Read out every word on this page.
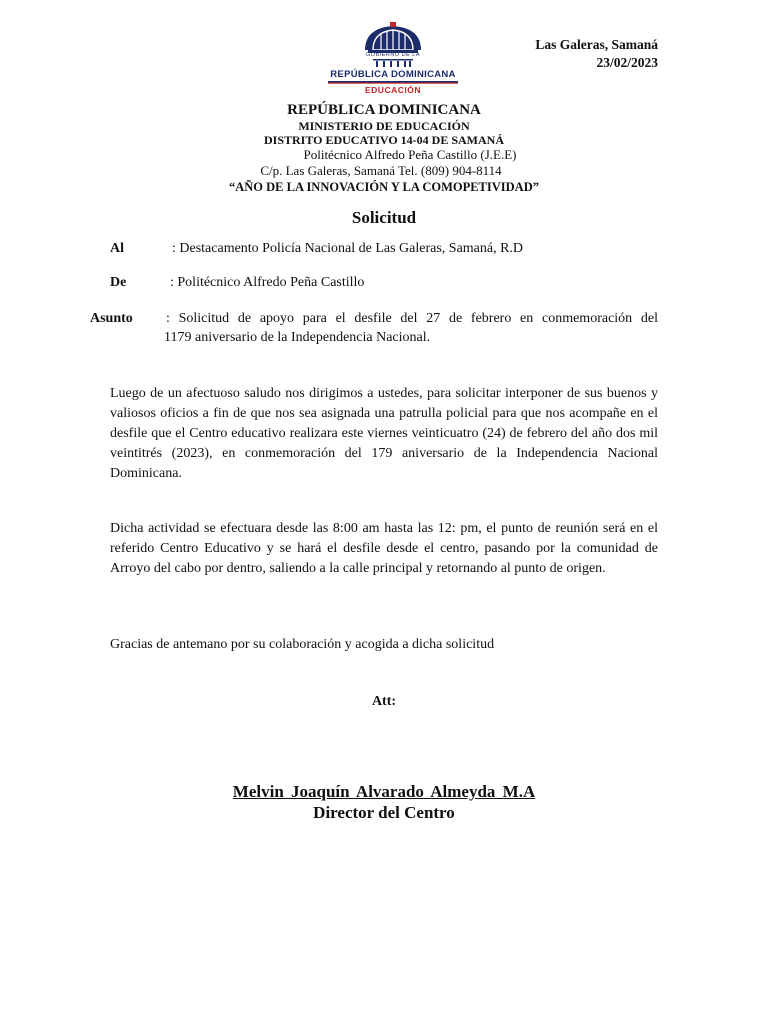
Las Galeras, Samaná
23/02/2023
GOBIERNO DE LA
REPÚBLICA DOMINICANA
EDUCACIÓN
REPÚBLICA DOMINICANA
MINISTERIO DE EDUCACIÓN
DISTRITO EDUCATIVO 14-04 DE SAMANÁ
Politécnico Alfredo Peña Castillo (J.E.E)
C/p. Las Galeras, Samaná Tel. (809) 904-8114
“AÑO DE LA INNOVACIÓN Y LA COMOPETIVIDAD”
Solicitud
Al	: Destacamento Policía Nacional de Las Galeras, Samaná, R.D
De	: Politécnico Alfredo Peña Castillo
Asunto : Solicitud de apoyo para el desfile del 27 de febrero en conmemoración del
1179 aniversario de la Independencia Nacional.
Luego de un afectuoso saludo nos dirigimos a ustedes, para solicitar interponer de sus buenos y valiosos oficios a fin de que nos sea asignada una patrulla policial para que nos acompañe en el desfile que el Centro educativo realizara este viernes veinticuatro (24) de febrero del año dos mil veintitrés (2023), en conmemoración del 179 aniversario de la Independencia Nacional Dominicana.
Dicha actividad se efectuara desde las 8:00 am hasta las 12: pm, el punto de reunión será en el referido Centro Educativo y se hará el desfile desde el centro, pasando por la comunidad de Arroyo del cabo por dentro, saliendo a la calle principal y retornando al punto de origen.
Gracias de antemano por su colaboración y acogida a dicha solicitud
Att:
Melvin Joaquín Alvarado Almeyda M.A
Director del Centro
